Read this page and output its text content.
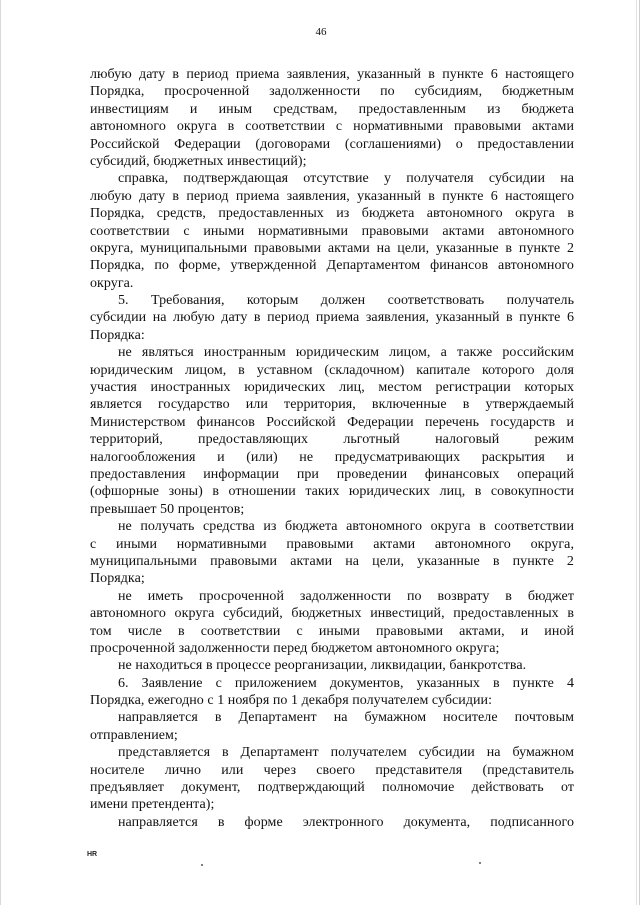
46
любую дату в период приема заявления, указанный в пункте 6 настоящего
Порядка, просроченной задолженности по субсидиям, бюджетным
инвестициям и иным средствам, предоставленным из бюджета
автономного округа в соответствии с нормативными правовыми актами
Российской Федерации (договорами (соглашениями) о предоставлении
субсидий, бюджетных инвестиций);
справка, подтверждающая отсутствие у получателя субсидии на
любую дату в период приема заявления, указанный в пункте 6 настоящего
Порядка, средств, предоставленных из бюджета автономного округа в
соответствии с иными нормативными правовыми актами автономного
округа, муниципальными правовыми актами на цели, указанные в пункте 2
Порядка, по форме, утвержденной Департаментом финансов автономного
округа.
5. Требования, которым должен соответствовать получатель
субсидии на любую дату в период приема заявления, указанный в пункте 6
Порядка:
не являться иностранным юридическим лицом, а также российским
юридическим лицом, в уставном (складочном) капитале которого доля
участия иностранных юридических лиц, местом регистрации которых
является государство или территория, включенные в утверждаемый
Министерством финансов Российской Федерации перечень государств и
территорий, предоставляющих льготный налоговый режим
налогообложения и (или) не предусматривающих раскрытия и
предоставления информации при проведении финансовых операций
(офшорные зоны) в отношении таких юридических лиц, в совокупности
превышает 50 процентов;
не получать средства из бюджета автономного округа в соответствии
с иными нормативными правовыми актами автономного округа,
муниципальными правовыми актами на цели, указанные в пункте 2
Порядка;
не иметь просроченной задолженности по возврату в бюджет
автономного округа субсидий, бюджетных инвестиций, предоставленных в
том числе в соответствии с иными правовыми актами, и иной
просроченной задолженности перед бюджетом автономного округа;
не находиться в процессе реорганизации, ликвидации, банкротства.
6. Заявление с приложением документов, указанных в пункте 4
Порядка, ежегодно с 1 ноября по 1 декабря получателем субсидии:
направляется в Департамент на бумажном носителе почтовым
отправлением;
представляется в Департамент получателем субсидии на бумажном
носителе лично или через своего представителя (представитель
предъявляет документ, подтверждающий полномочие действовать от
имени претендента);
направляется в форме электронного документа, подписанного
HR
